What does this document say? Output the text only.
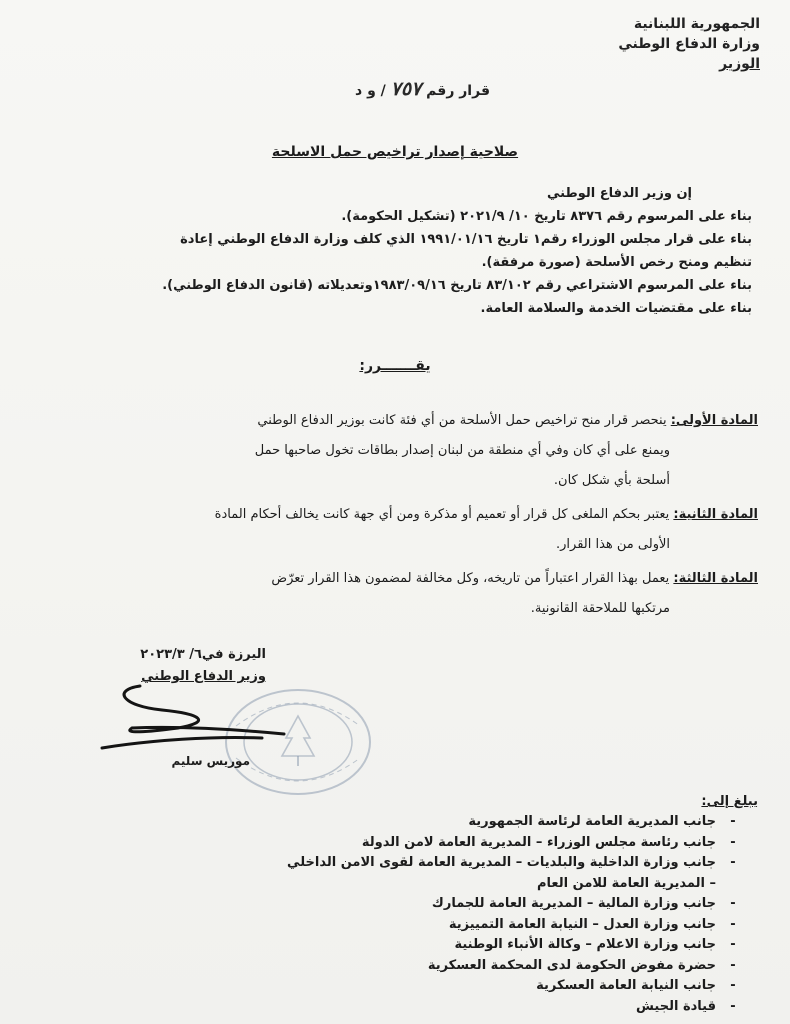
الجمهورية اللبنانية
وزارة الدفاع الوطني
الوزير
قرار رقم ٧٥٧ / و د
صلاحية إصدار تراخيص حمل الاسلحة
إن وزير الدفاع الوطني
بناء على المرسوم رقم ٨٣٧٦ تاريخ ١٠/ ٢٠٢١/٩ (تشكيل الحكومة).
بناء على قرار مجلس الوزراء رقم١ تاريخ ١٩٩١/٠١/١٦ الذي كلف وزارة الدفاع الوطني إعادة
تنظيم ومنح رخص الأسلحة (صورة مرفقة).
بناء على المرسوم الاشتراعي رقم ٨٣/١٠٢ تاريخ ١٩٨٣/٠٩/١٦وتعديلاته (قانون الدفاع الوطني).
بناء على مقتضيات الخدمة والسلامة العامة.
يقـــــــرر:
المادة الأولى: ينحصر قرار منح تراخيص حمل الأسلحة من أي فئة كانت بوزير الدفاع الوطني
ويمنع على أي كان وفي أي منطقة من لبنان إصدار بطاقات تخول صاحبها حمل
أسلحة بأي شكل كان.
المادة الثانية: يعتبر بحكم الملغى كل قرار أو تعميم أو مذكرة ومن أي جهة كانت يخالف أحكام المادة
الأولى من هذا القرار.
المادة الثالثة: يعمل بهذا القرار اعتباراً من تاريخه، وكل مخالفة لمضمون هذا القرار تعرّض
مرتكبها للملاحقة القانونية.
اليرزة في٦/ ٢٠٢٣/٣
وزير الدفاع الوطني
موريس سليم
يبلغ إلى:
-جانب المديرية العامة لرئاسة الجمهورية
-جانب رئاسة مجلس الوزراء – المديرية العامة لامن الدولة
-جانب وزارة الداخلية والبلديات – المديرية العامة لقوى الامن الداخلي
– المديرية العامة للامن العام
-جانب وزارة المالية – المديرية العامة للجمارك
-جانب وزارة العدل – النيابة العامة التمييزية
-جانب وزارة الاعلام – وكالة الأنباء الوطنية
-حضرة مفوض الحكومة لدى المحكمة العسكرية
-جانب النيابة العامة العسكرية
-قيادة الجيش
